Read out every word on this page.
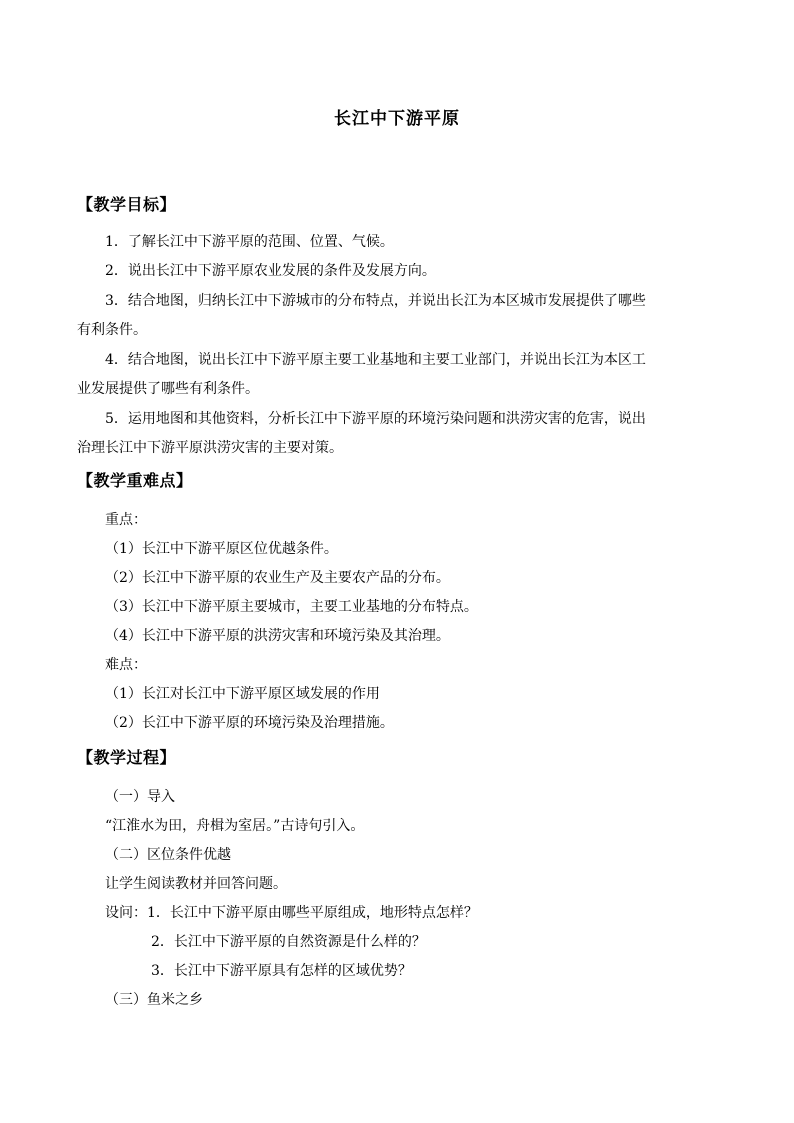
长江中下游平原
【教学目标】
1．了解长江中下游平原的范围、位置、气候。
2．说出长江中下游平原农业发展的条件及发展方向。
3．结合地图，归纳长江中下游城市的分布特点，并说出长江为本区城市发展提供了哪些
有利条件。
4．结合地图，说出长江中下游平原主要工业基地和主要工业部门，并说出长江为本区工
业发展提供了哪些有利条件。
5．运用地图和其他资料，分析长江中下游平原的环境污染问题和洪涝灾害的危害，说出
治理长江中下游平原洪涝灾害的主要对策。
【教学重难点】
重点：
（1）长江中下游平原区位优越条件。
（2）长江中下游平原的农业生产及主要农产品的分布。
（3）长江中下游平原主要城市，主要工业基地的分布特点。
（4）长江中下游平原的洪涝灾害和环境污染及其治理。
难点：
（1）长江对长江中下游平原区域发展的作用
（2）长江中下游平原的环境污染及治理措施。
【教学过程】
（一）导入
“江淮水为田，舟楫为室居。”古诗句引入。
（二）区位条件优越
让学生阅读教材并回答问题。
设问：1．长江中下游平原由哪些平原组成，地形特点怎样？
2．长江中下游平原的自然资源是什么样的？
3．长江中下游平原具有怎样的区域优势？
（三）鱼米之乡
